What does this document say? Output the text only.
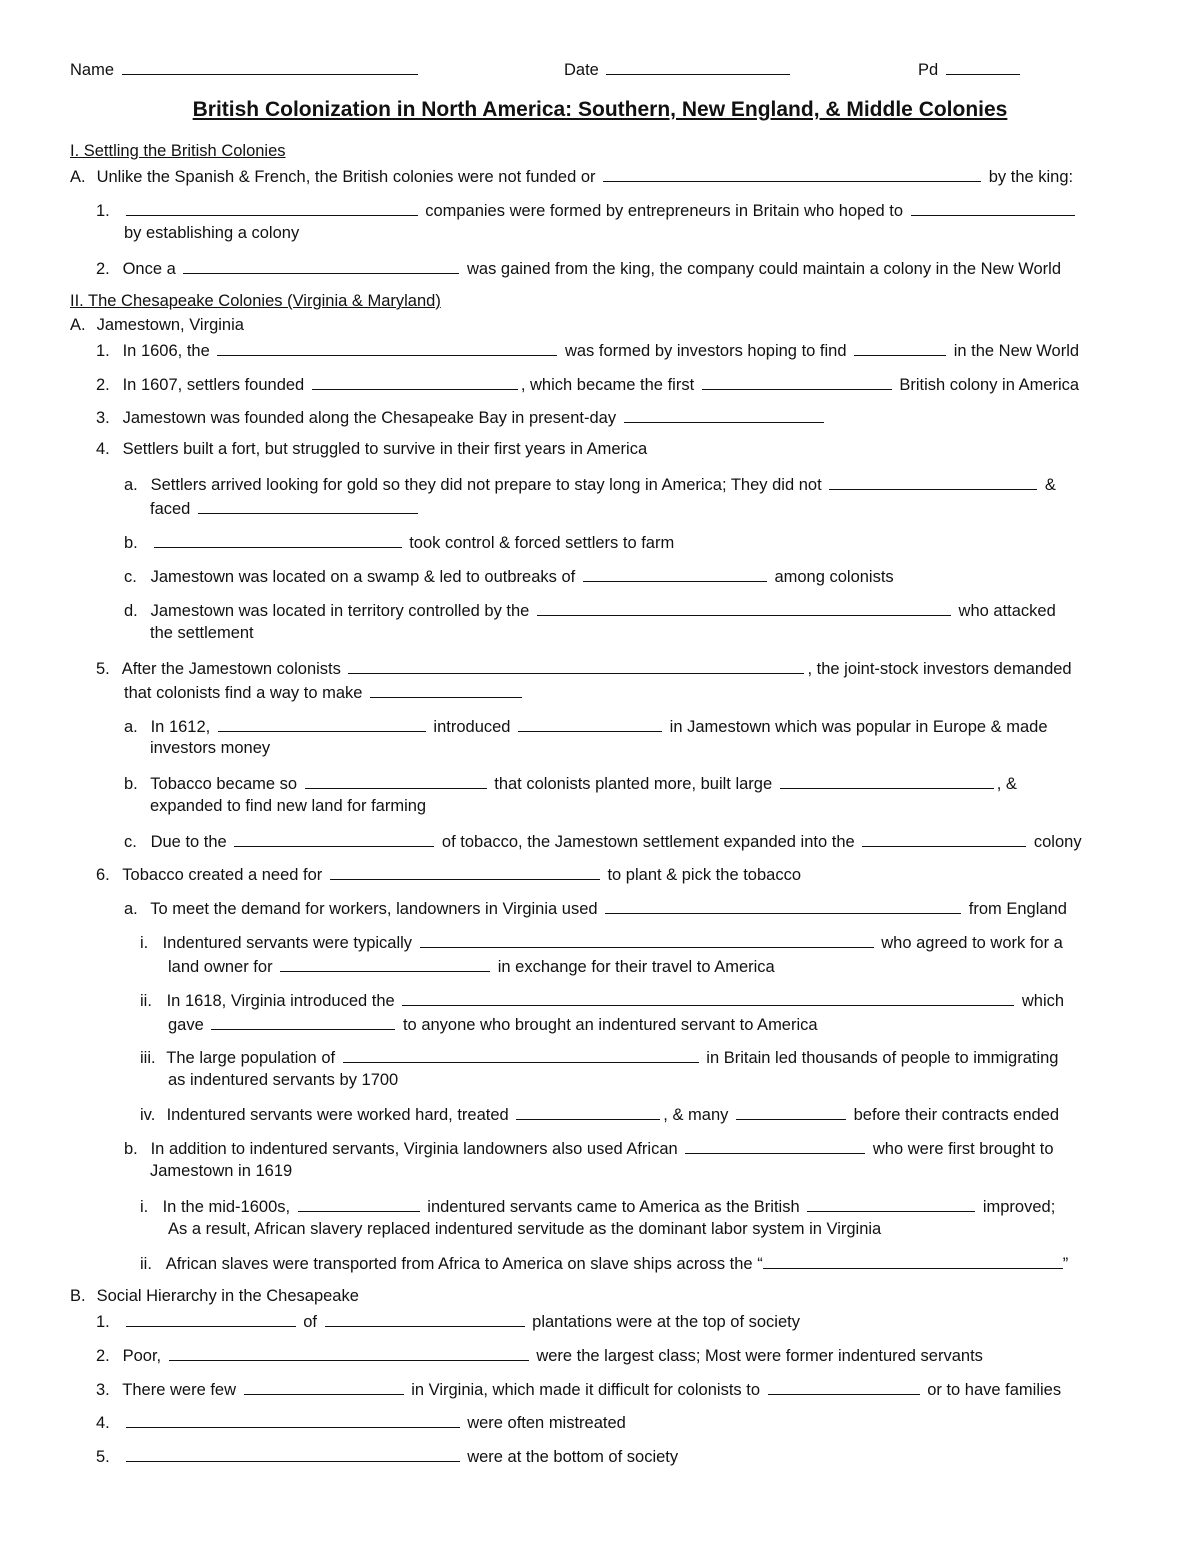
Name	Date	Pd
British Colonization in North America: Southern, New England, & Middle Colonies
I. Settling the British Colonies
A. Unlike the Spanish & French, the British colonies were not funded or	by the king:
1.	companies were formed by entrepreneurs in Britain who hoped to
by establishing a colony
2. Once a	was gained from the king, the company could maintain a colony in the New World
II. The Chesapeake Colonies (Virginia & Maryland)
A. Jamestown, Virginia
1. In 1606, the	was formed by investors hoping to find	in the New World
2. In 1607, settlers founded	, which became the first	British colony in America
3. Jamestown was founded along the Chesapeake Bay in present-day
4. Settlers built a fort, but struggled to survive in their first years in America
a. Settlers arrived looking for gold so they did not prepare to stay long in America; They did not	&
faced
b.	took control & forced settlers to farm
c. Jamestown was located on a swamp & led to outbreaks of	among colonists
d. Jamestown was located in territory controlled by the	who attacked
the settlement
5. After the Jamestown colonists	, the joint-stock investors demanded
that colonists find a way to make
a. In 1612,	introduced	in Jamestown which was popular in Europe & made
investors money
b. Tobacco became so	that colonists planted more, built large	, &
expanded to find new land for farming
c. Due to the	of tobacco, the Jamestown settlement expanded into the	colony
6. Tobacco created a need for	to plant & pick the tobacco
a. To meet the demand for workers, landowners in Virginia used	from England
i. Indentured servants were typically	who agreed to work for a
land owner for	in exchange for their travel to America
ii. In 1618, Virginia introduced the	which
gave	to anyone who brought an indentured servant to America
iii. The large population of	in Britain led thousands of people to immigrating
as indentured servants by 1700
iv. Indentured servants were worked hard, treated	, & many	before their contracts ended
b. In addition to indentured servants, Virginia landowners also used African	who were first brought to
Jamestown in 1619
i. In the mid-1600s,	indentured servants came to America as the British	improved;
As a result, African slavery replaced indentured servitude as the dominant labor system in Virginia
ii. African slaves were transported from Africa to America on slave ships across the “	”
B. Social Hierarchy in the Chesapeake
1.	of	plantations were at the top of society
2. Poor,	were the largest class; Most were former indentured servants
3. There were few	in Virginia, which made it difficult for colonists to	or to have families
4.	were often mistreated
5.	were at the bottom of society
